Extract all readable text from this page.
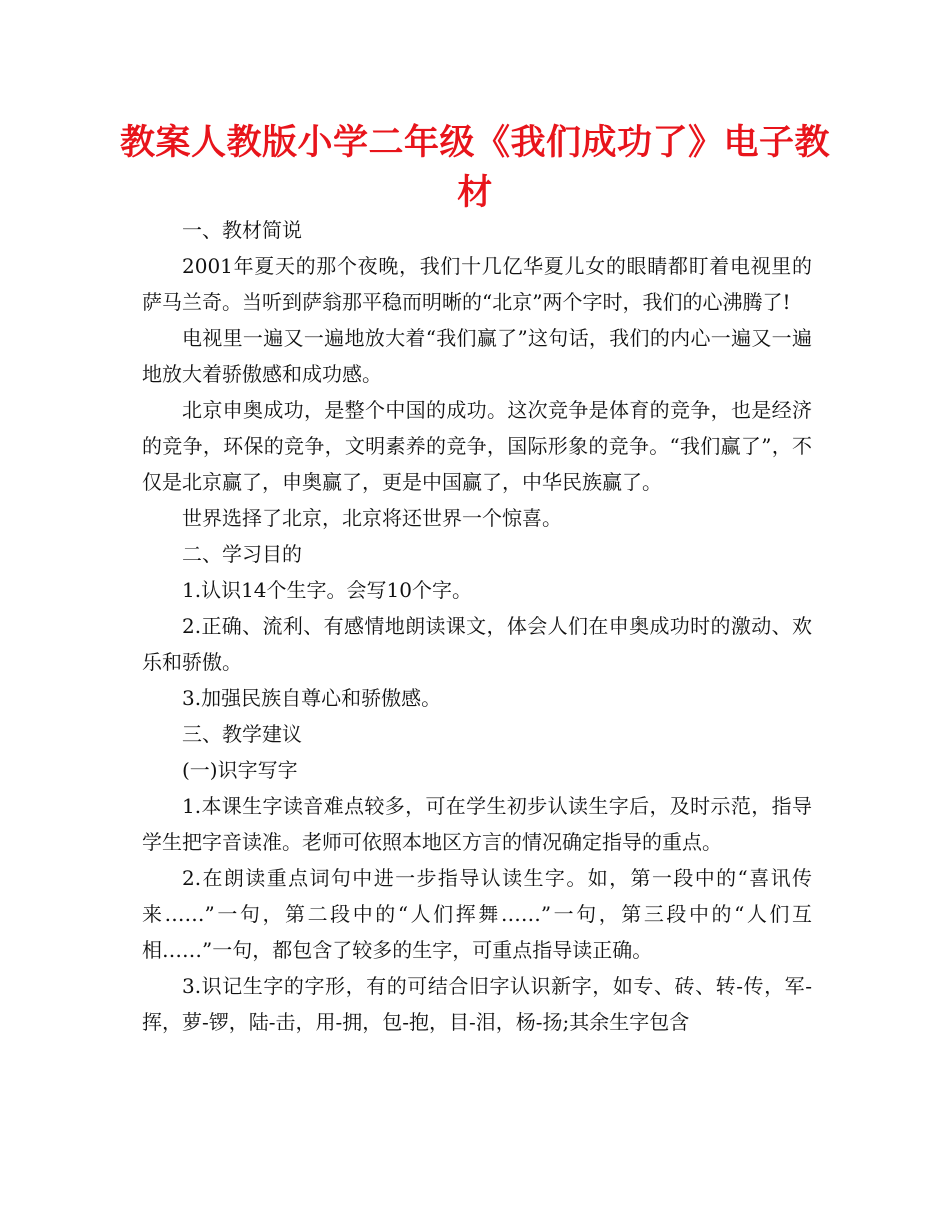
教案人教版小学二年级《我们成功了》电子教材

一、教材简说

2001年夏天的那个夜晚，我们十几亿华夏儿女的眼睛都盯着电视里的萨马兰奇。当听到萨翁那平稳而明晰的“北京”两个字时，我们的心沸腾了!

电视里一遍又一遍地放大着“我们赢了”这句话，我们的内心一遍又一遍地放大着骄傲感和成功感。

北京申奥成功，是整个中国的成功。这次竞争是体育的竞争，也是经济的竞争，环保的竞争，文明素养的竞争，国际形象的竞争。“我们赢了”，不仅是北京赢了，申奥赢了，更是中国赢了，中华民族赢了。

世界选择了北京，北京将还世界一个惊喜。

二、学习目的

1.认识14个生字。会写10个字。

2.正确、流利、有感情地朗读课文，体会人们在申奥成功时的激动、欢乐和骄傲。

3.加强民族自尊心和骄傲感。

三、教学建议

(一)识字写字

1.本课生字读音难点较多，可在学生初步认读生字后，及时示范，指导学生把字音读准。老师可依照本地区方言的情况确定指导的重点。

2.在朗读重点词句中进一步指导认读生字。如，第一段中的“喜讯传来……”一句，第二段中的“人们挥舞……”一句，第三段中的“人们互相……”一句，都包含了较多的生字，可重点指导读正确。

3.识记生字的字形，有的可结合旧字认识新字，如专、砖、转-传，军-挥，萝-锣，陆-击，用-拥，包-抱，目-泪，杨-扬;其余生字包含
